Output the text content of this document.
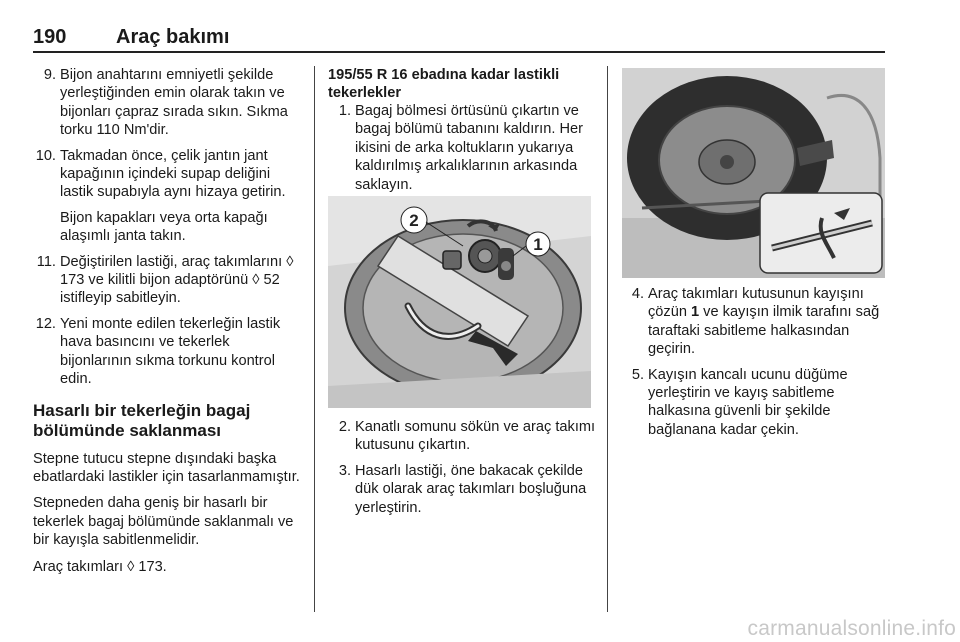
190 Araç bakımı
9. Bijon anahtarını emniyetli şekilde yerleştiğinden emin olarak takın ve bijonları çapraz sırada sıkın. Sıkma torku 110 Nm'dir.

10. Takmadan önce, çelik jantın jant kapağının içindeki supap deliğini lastik supabıyla aynı hizaya getirin.

Bijon kapakları veya orta kapağı alaşımlı janta takın.

11. Değiştirilen lastiği, araç takımlarını ◊ 173 ve kilitli bijon adaptörünü ◊ 52 istifleyip sabitleyin.

12. Yeni monte edilen tekerleğin lastik hava basıncını ve tekerlek bijonlarının sıkma torkunu kontrol edin.

Hasarlı bir tekerleğin bagaj bölümünde saklanması

Stepne tutucu stepne dışındaki başka ebatlardaki lastikler için tasarlanmamıştır.

Stepneden daha geniş bir hasarlı bir tekerlek bagaj bölümünde saklanmalı ve bir kayışla sabitlenmelidir.

Araç takımları ◊ 173.

195/55 R 16 ebadına kadar lastikli tekerlekler

1. Bagaj bölmesi örtüsünü çıkartın ve bagaj bölümü tabanını kaldırın. Her ikisini de arka koltukların yukarıya kaldırılmış arkalıklarının arkasında saklayın.

2
1
2. Kanatlı somunu sökün ve araç takımı kutusunu çıkartın.

3. Hasarlı lastiği, öne bakacak çekilde dük olarak araç takımları boşluğuna yerleştirin.

4. Araç takımları kutusunun kayışını çözün 1 ve kayışın ilmik tarafını sağ taraftaki sabitleme halkasından geçirin.

5. Kayışın kancalı ucunu düğüme yerleştirin ve kayış sabitleme halkasına güvenli bir şekilde bağlanana kadar çekin.

carmanualsonline.info
